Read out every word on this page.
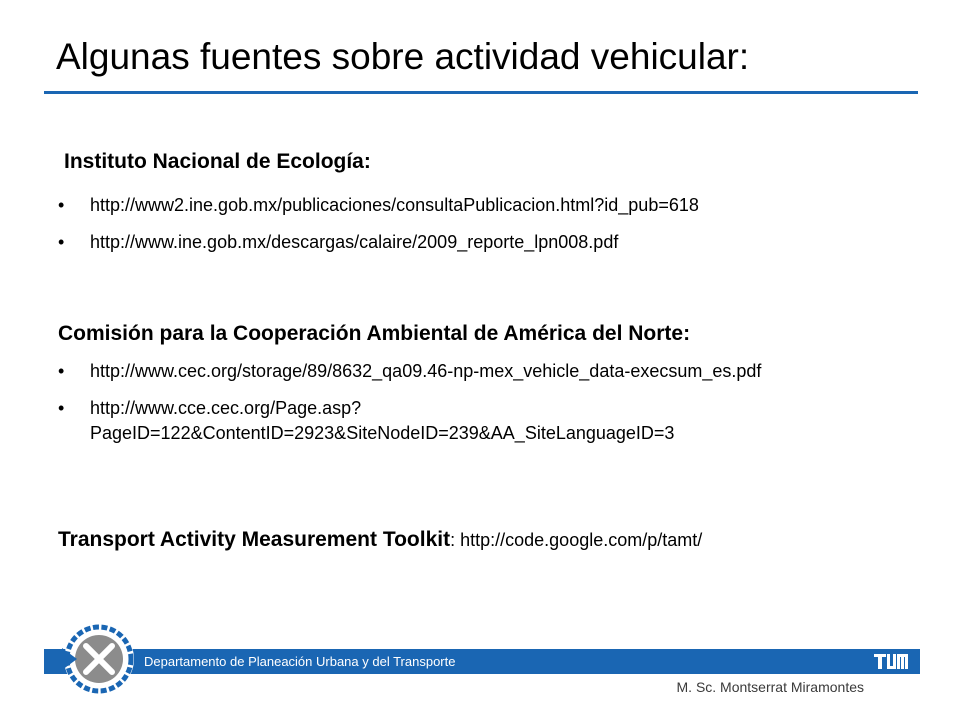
Algunas fuentes sobre actividad vehicular:

Instituto Nacional de Ecología:

• http://www2.ine.gob.mx/publicaciones/consultaPublicacion.html?id_pub=618
• http://www.ine.gob.mx/descargas/calaire/2009_reporte_lpn008.pdf

Comisión para la Cooperación Ambiental de América del Norte:

• http://www.cec.org/storage/89/8632_qa09.46-np-mex_vehicle_data-execsum_es.pdf
• http://www.cce.cec.org/Page.asp?PageID=122&ContentID=2923&SiteNodeID=239&AA_SiteLanguageID=3

Transport Activity Measurement Toolkit: http://code.google.com/p/tamt/

Departamento de Planeación Urbana y del Transporte
M. Sc. Montserrat Miramontes
